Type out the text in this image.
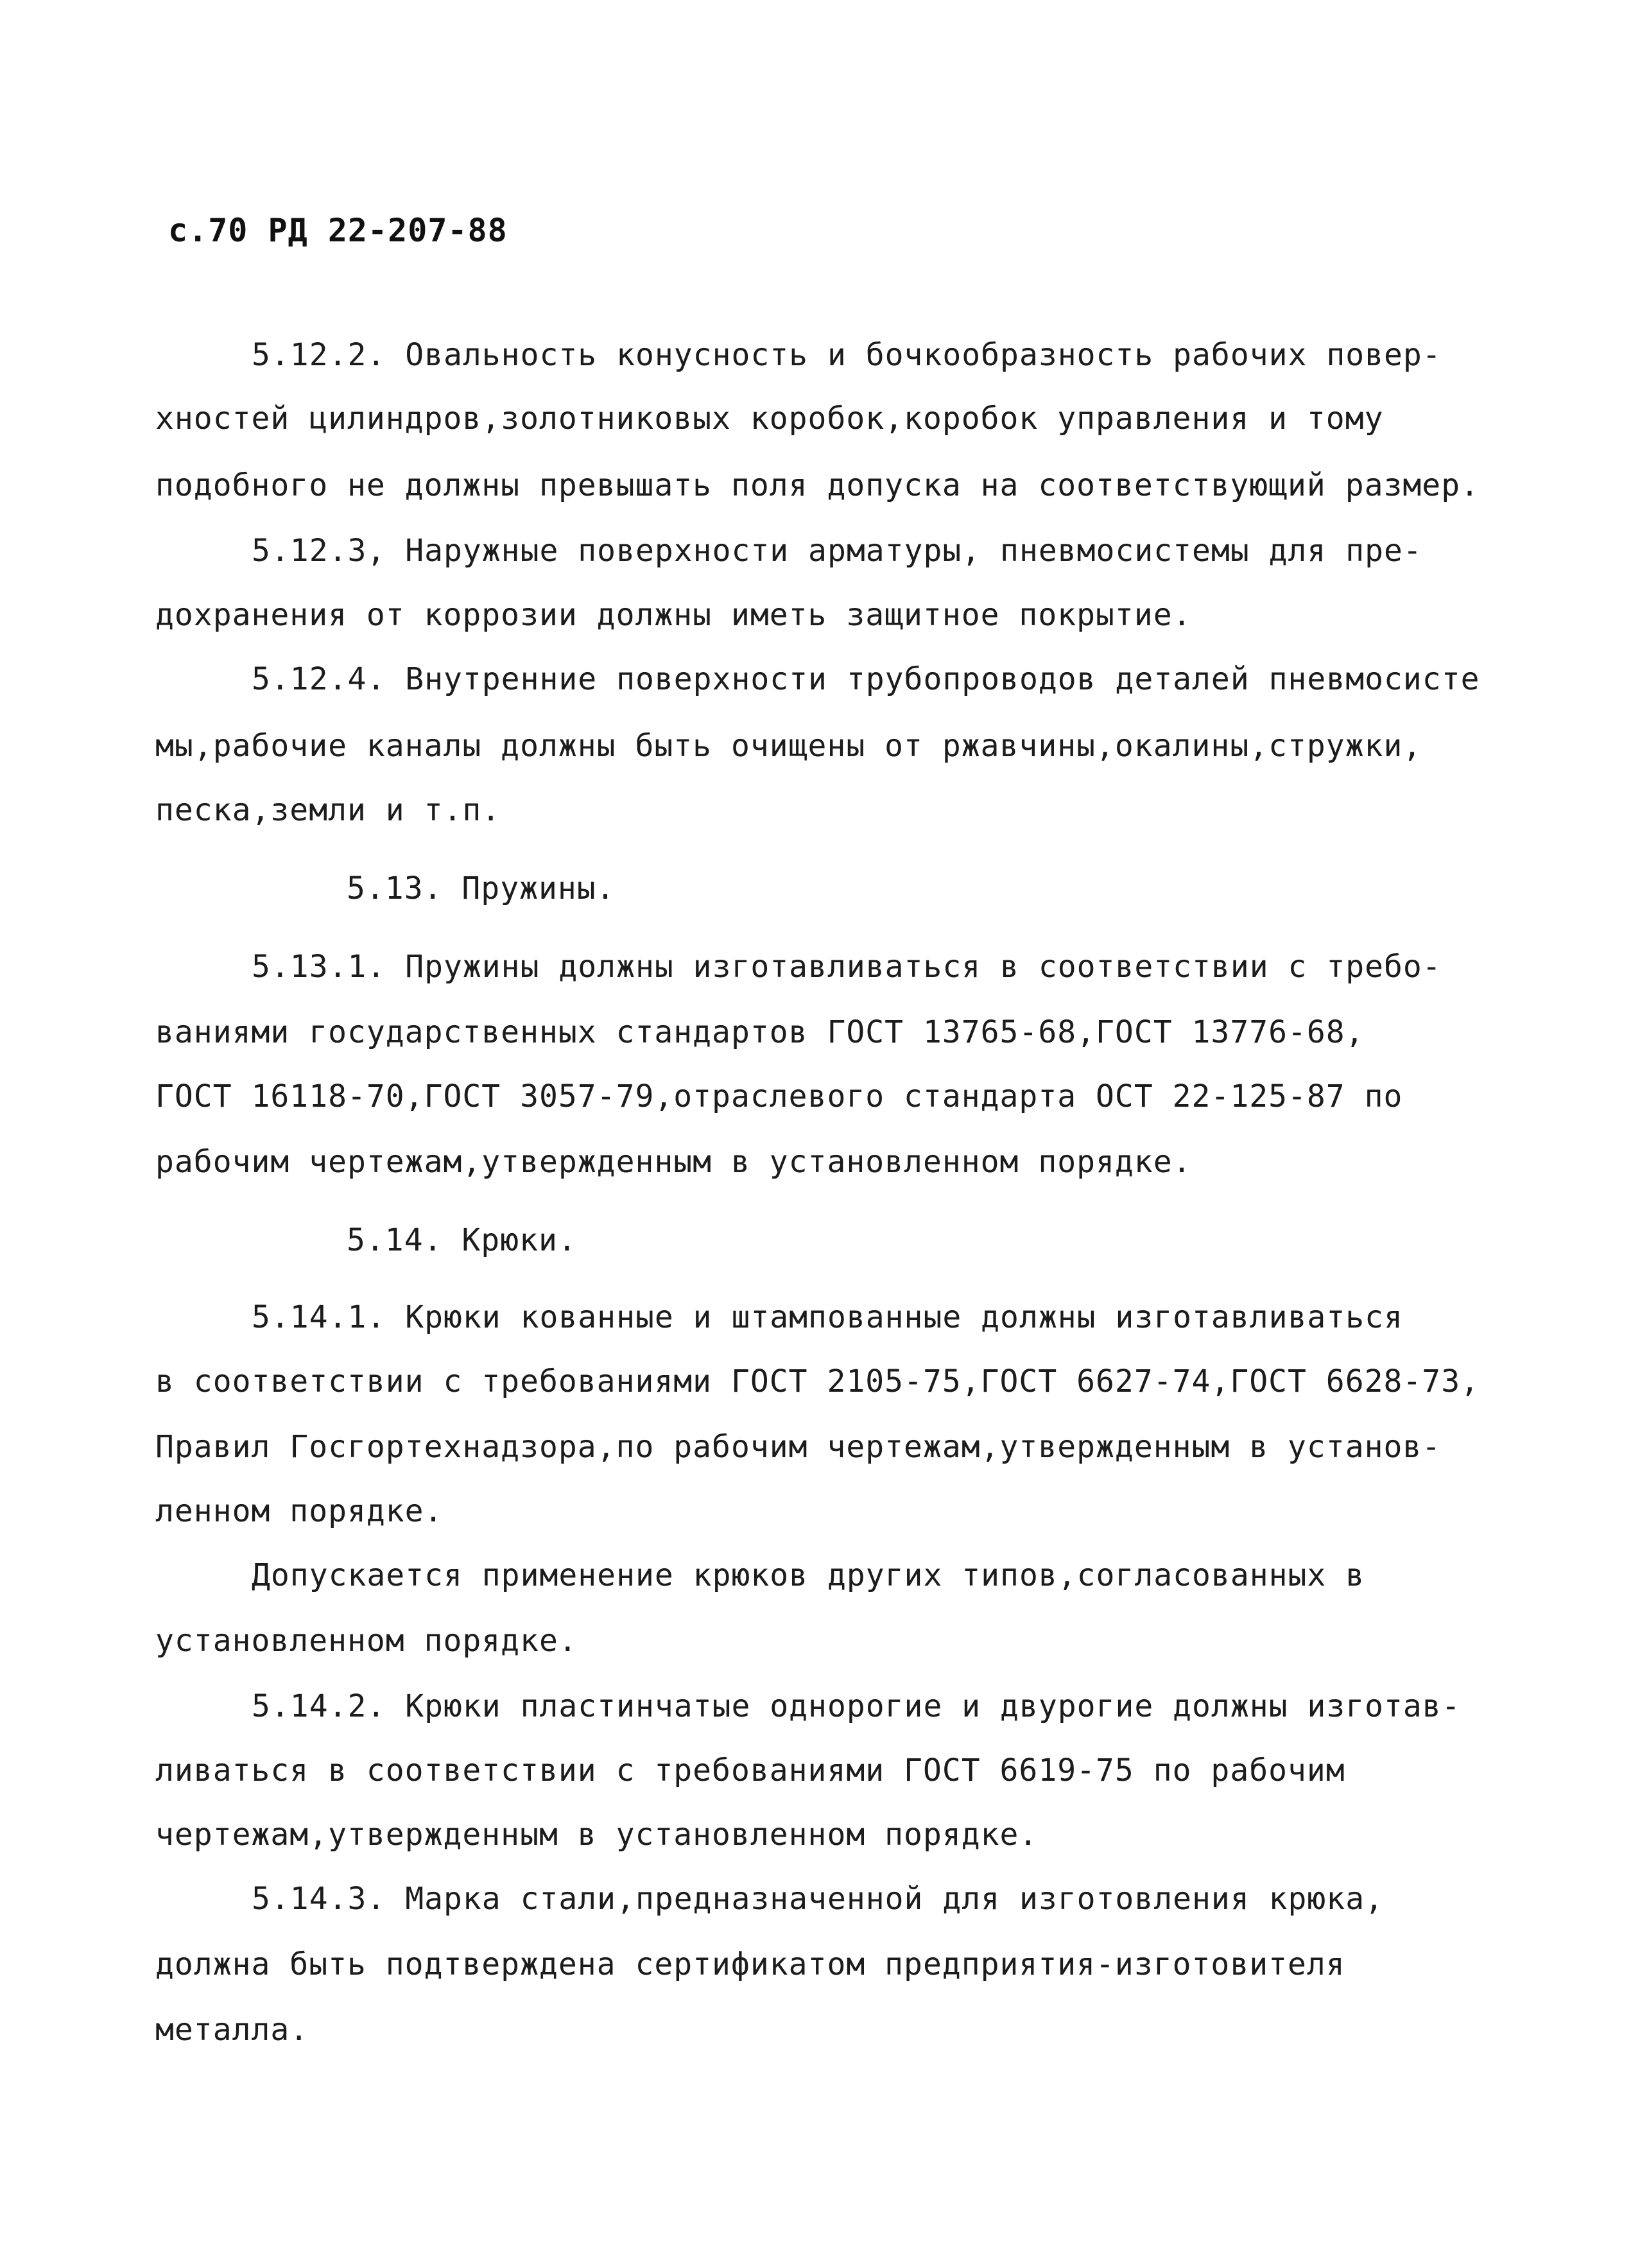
с.70 РД 22-207-88
5.12.2. Овальность конусность и бочкообразность рабочих повер-
хностей цилиндров,золотниковых коробок,коробок управления и тому
подобного не должны превышать поля допуска на соответствующий размер.
5.12.3, Наружные поверхности арматуры, пневмосистемы для пре-
дохранения от коррозии должны иметь защитное покрытие.
5.12.4. Внутренние поверхности трубопроводов деталей пневмосисте
мы,рабочие каналы должны быть очищены от ржавчины,окалины,стружки,
песка,земли и т.п.
5.13. Пружины.
5.13.1. Пружины должны изготавливаться в соответствии с требо-
ваниями государственных стандартов ГОСТ 13765-68,ГОСТ 13776-68,
ГОСТ 16118-70,ГОСТ 3057-79,отраслевого стандарта ОСТ 22-125-87 по
рабочим чертежам,утвержденным в установленном порядке.
5.14. Крюки.
5.14.1. Крюки кованные и штампованные должны изготавливаться
в соответствии с требованиями ГОСТ 2105-75,ГОСТ 6627-74,ГОСТ 6628-73,
Правил Госгортехнадзора,по рабочим чертежам,утвержденным в установ-
ленном порядке.
Допускается применение крюков других типов,согласованных в
установленном порядке.
5.14.2. Крюки пластинчатые однорогие и двурогие должны изготав-
ливаться в соответствии с требованиями ГОСТ 6619-75 по рабочим
чертежам,утвержденным в установленном порядке.
5.14.3. Марка стали,предназначенной для изготовления крюка,
должна быть подтверждена сертификатом предприятия-изготовителя
металла.
